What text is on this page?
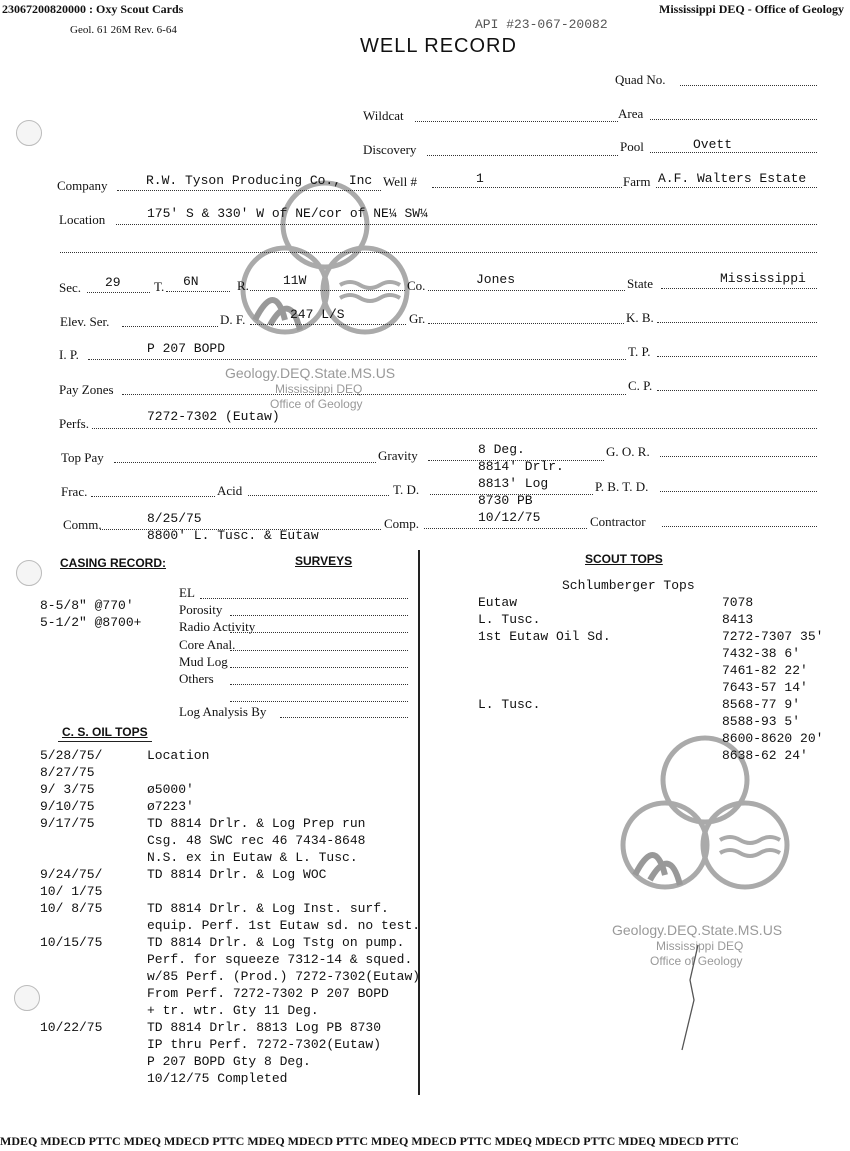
23067200820000 : Oxy Scout Cards	Mississippi DEQ - Office of Geology
Geology.DEQ.State.MS.US
Mississippi DEQ
Office of Geology
Geology.DEQ.State.MS.US
Mississippi DEQ
Office of Geology
Geol. 61 26M Rev. 6-64	API #23-067-20082
WELL RECORD
Quad No.
Wildcat	Area
Discovery	Pool	Ovett
Company	R.W. Tyson Producing Co., Inc Well #	1	Farm A.F. Walters Estate
Location	175' S & 330' W of NE/cor of NE¼ SW¼
Sec. 29	T. 6N	R.	11W	Co.	Jones	State	Mississippi
Elev. Ser.	D. F.	247 L/S	Gr.	K. B.
I. P.	P 207 BOPD	T. P.
Pay Zones	C. P.
Perfs.	7272-7302 (Eutaw)
Top Pay	Gravity	8 Deg.	G. O. R.
8814' Drlr.
Frac.	Acid	T. D.	8813' Log	P. B. T. D.
8730 PB
Comm.	8/25/75
8800' L. Tusc. & Eutaw
Comp.	10/12/75	Contractor
CASING RECORD:
8-5/8" @770'
5-1/2" @8700+
SURVEYS
EL
Porosity
Radio Activity
Core Anal.
Mud Log
Others
Log Analysis By
C. S. OIL TOPS
5/28/75/	Location
8/27/75
9/ 3/75	ø5000'
9/10/75	ø7223'
9/17/75	TD 8814 Drlr. & Log Prep run
Csg. 48 SWC rec 46 7434-8648
N.S. ex in Eutaw & L. Tusc.
9/24/75/	TD 8814 Drlr. & Log WOC
10/ 1/75
10/ 8/75	TD 8814 Drlr. & Log Inst. surf.
equip. Perf. 1st Eutaw sd. no test.
10/15/75	TD 8814 Drlr. & Log Tstg on pump.
Perf. for squeeze 7312-14 & squed.
w/85 Perf. (Prod.) 7272-7302(Eutaw)
From Perf. 7272-7302 P 207 BOPD
+ tr. wtr. Gty 11 Deg.
10/22/75	TD 8814 Drlr. 8813 Log PB 8730
IP thru Perf. 7272-7302(Eutaw)
P 207 BOPD Gty 8 Deg.
10/12/75 Completed
SCOUT TOPS
Schlumberger Tops
Eutaw	7078
L. Tusc.	8413
1st Eutaw Oil Sd.	7272-7307 35'
7432-38 6'
7461-82 22'
7643-57 14'
L. Tusc.	8568-77 9'
8588-93 5'
8600-8620 20'
8638-62 24'
MDEQ MDECD PTTC MDEQ MDECD PTTC MDEQ MDECD PTTC MDEQ MDECD PTTC MDEQ MDECD PTTC MDEQ MDECD PTTC
